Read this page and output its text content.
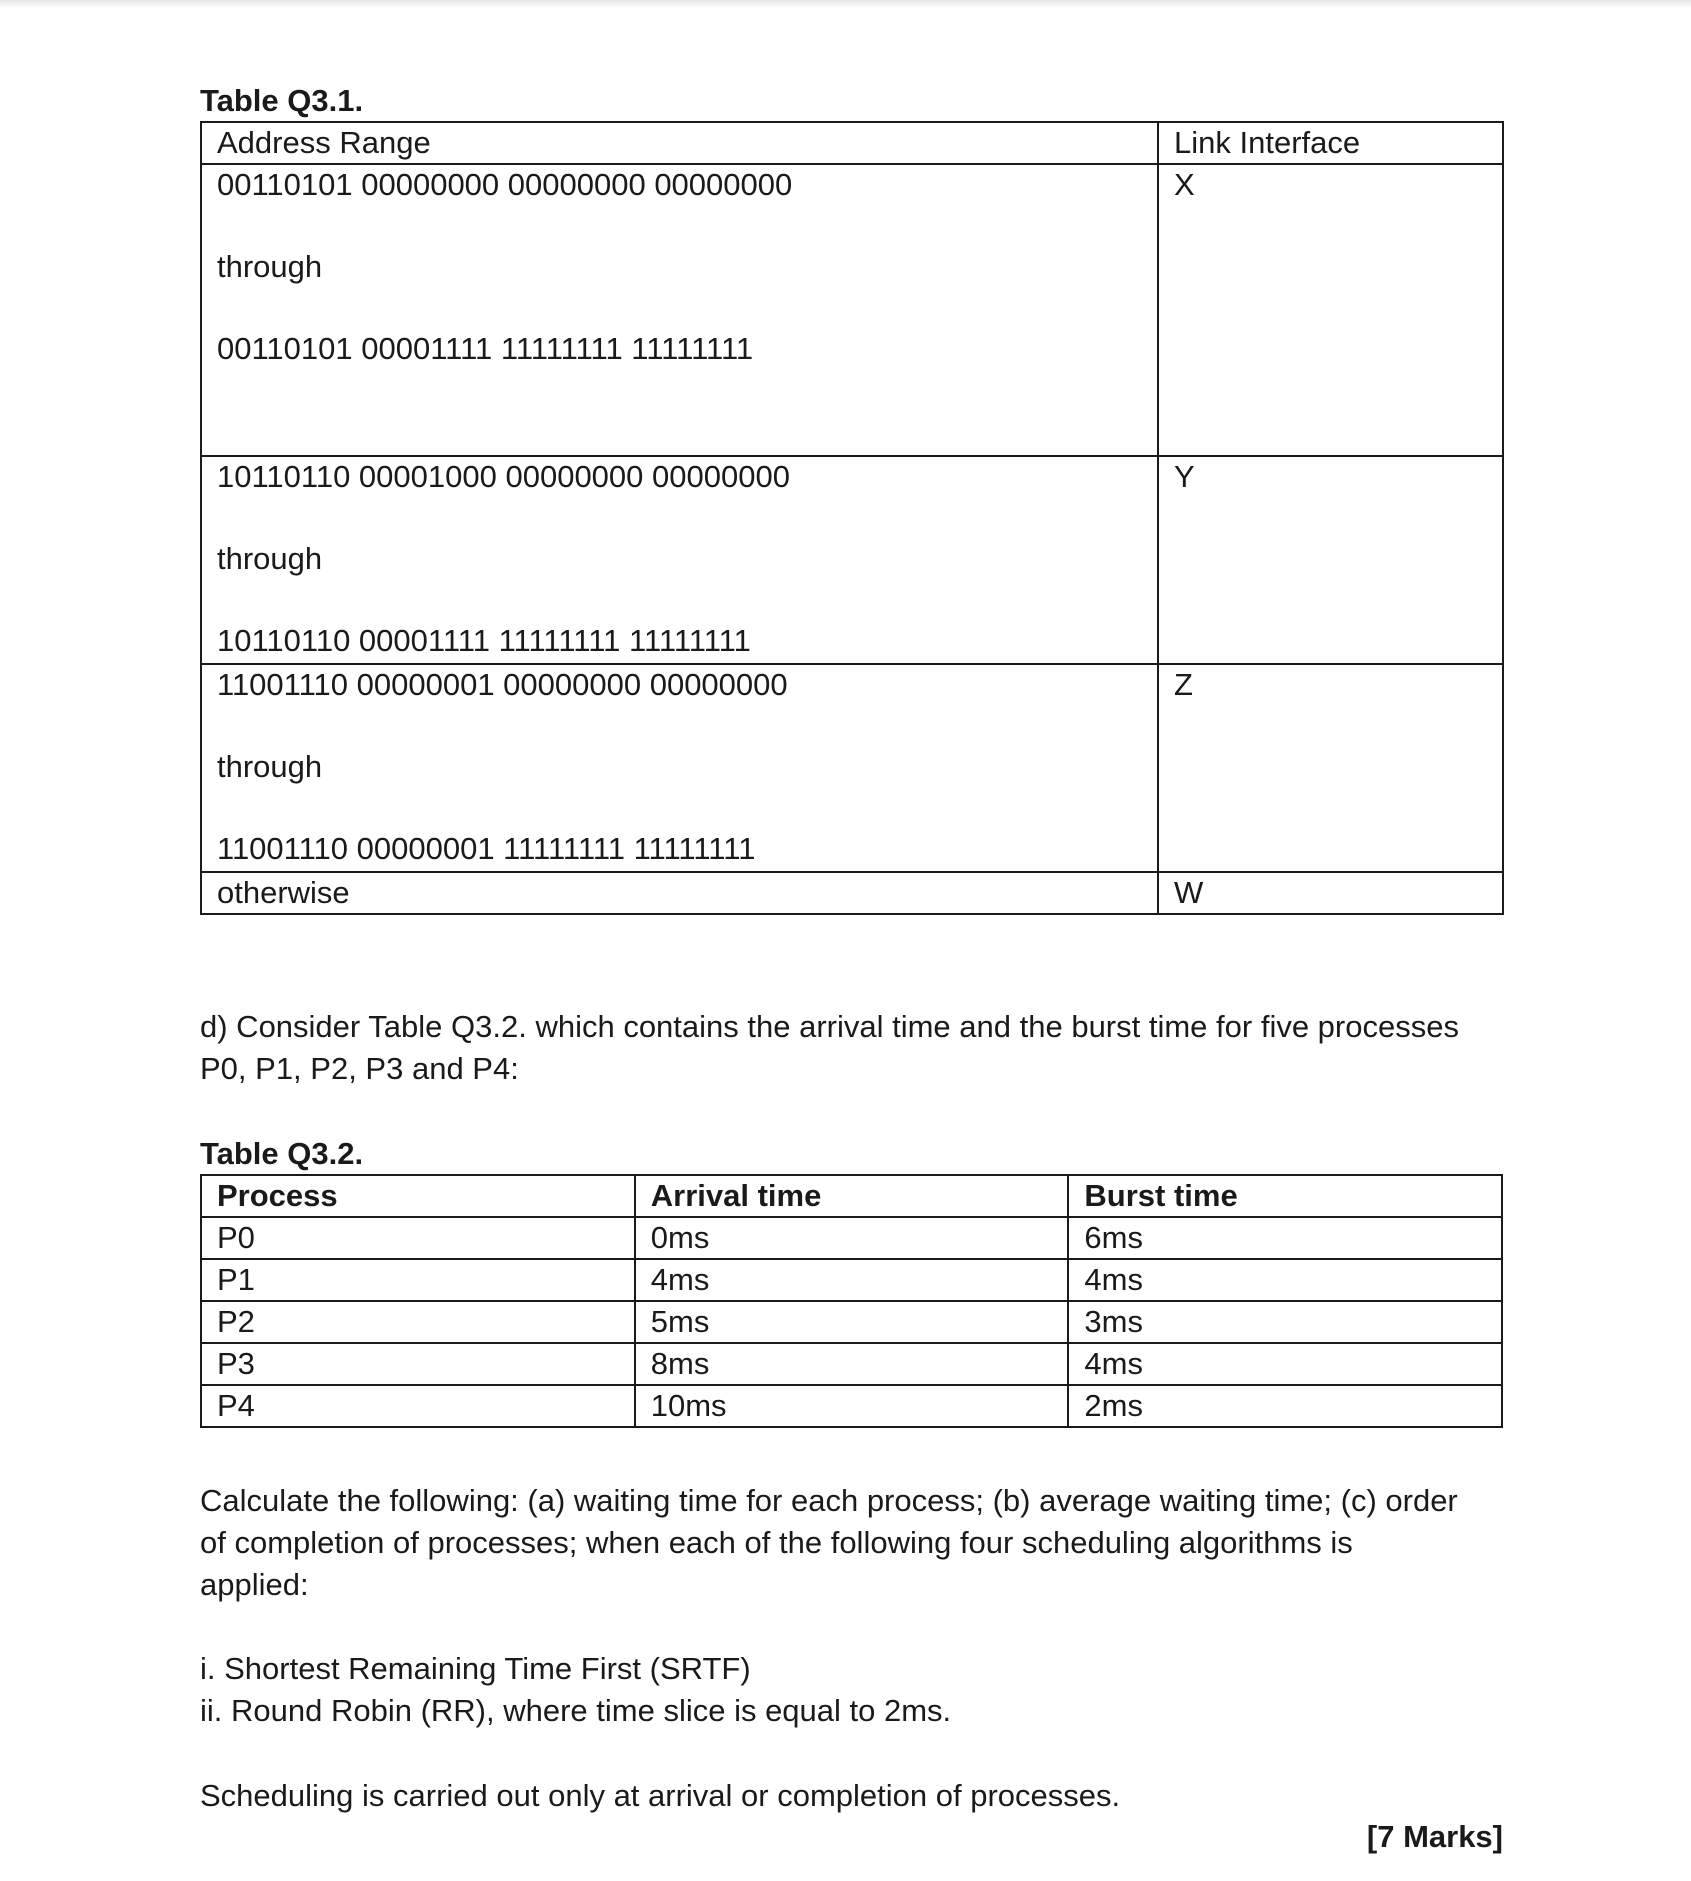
Table Q3.1.
Address Range	Link Interface

00110101 00000000 00000000 00000000
through
00110101 00001111 11111111 11111111	X

10110110 00001000 00000000 00000000
through
10110110 00001111 11111111 11111111	Y

11001110 00000001 00000000 00000000
through
11001110 00000001 11111111 11111111	Z
otherwise	W
d) Consider Table Q3.2. which contains the arrival time and the burst time for five processes
P0, P1, P2, P3 and P4:
Table Q3.2.
Process	Arrival time	Burst time
P0	0ms	6ms
P1	4ms	4ms
P2	5ms	3ms
P3	8ms	4ms
P4	10ms	2ms
Calculate the following: (a) waiting time for each process; (b) average waiting time; (c) order
of completion of processes; when each of the following four scheduling algorithms is
applied:
i. Shortest Remaining Time First (SRTF)
ii. Round Robin (RR), where time slice is equal to 2ms.
Scheduling is carried out only at arrival or completion of processes.
[7 Marks]
